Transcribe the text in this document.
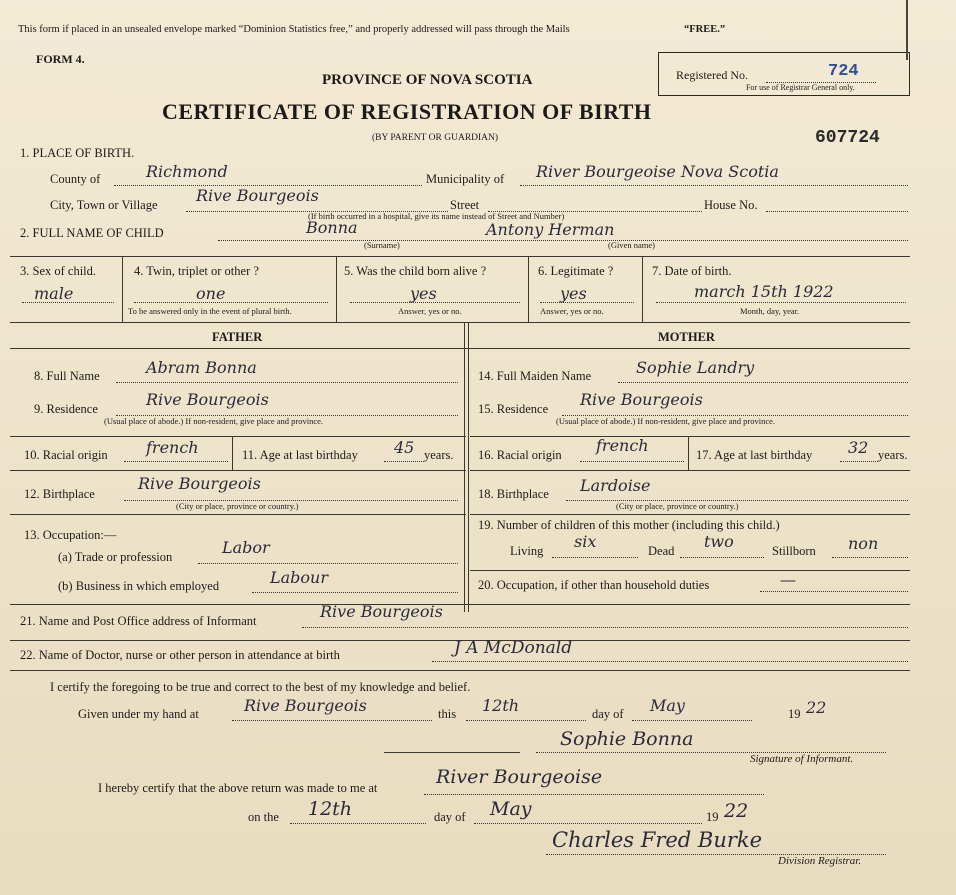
This form if placed in an unsealed envelope marked “Dominion Statistics free,” and properly addressed will pass through the Mails	“FREE.”
FORM 4.
PROVINCE OF NOVA SCOTIA
CERTIFICATE OF REGISTRATION OF BIRTH
(BY PARENT OR GUARDIAN)
Registered No.	724
For use of Registrar General only.
607724
1. PLACE OF BIRTH.
County of	Richmond	Municipality of River Bourgeoise Nova Scotia
City, Town or Village Rive Bourgeois	Street	House No.
(If birth occurred in a hospital, give its name instead of Street and Number)
2. FULL NAME OF CHILD	Bonna	Antony Herman
(Surname)	(Given name)
3. Sex of child.
male
4. Twin, triplet or other ?
one
To be answered only in the event of plural birth.
5. Was the child born alive ?
yes
Answer, yes or no.
6. Legitimate ?
yes
Answer, yes or no.
7. Date of birth.
march 15th 1922
Month, day, year.
FATHER	MOTHER
8. Full Name	Abram Bonna
9. Residence	Rive Bourgeois
(Usual place of abode.) If non-resident, give place and province.
10. Racial origin french	11. Age at last birthday 45 years.
12. Birthplace
Rive Bourgeois
(City or place, province or country.)
13. Occupation:—
(a) Trade or profession	Labor
(b) Business in which employed	Labour
14. Full Maiden Name	Sophie Landry
15. Residence Rive Bourgeois
(Usual place of abode.) If non-resident, give place and province.
16. Racial origin french	17. Age at last birthday 32 years.
18. Birthplace Lardoise
(City or place, province or country.)
19. Number of children of this mother (including this child.)
Living six	Dead two	Stillborn non
20. Occupation, if other than household duties	—
21. Name and Post Office address of Informant	Rive Bourgeois
22. Name of Doctor, nurse or other person in attendance at birth	J A McDonald
I certify the foregoing to be true and correct to the best of my knowledge and belief.
Given under my hand at	Rive Bourgeois	this 12th	day of May	19 22
Sophie Bonna
Signature of Informant.
I hereby certify that the above return was made to me at	River Bourgeoise
on the 12th	day of May	19 22
Charles Fred Burke
Division Registrar.
